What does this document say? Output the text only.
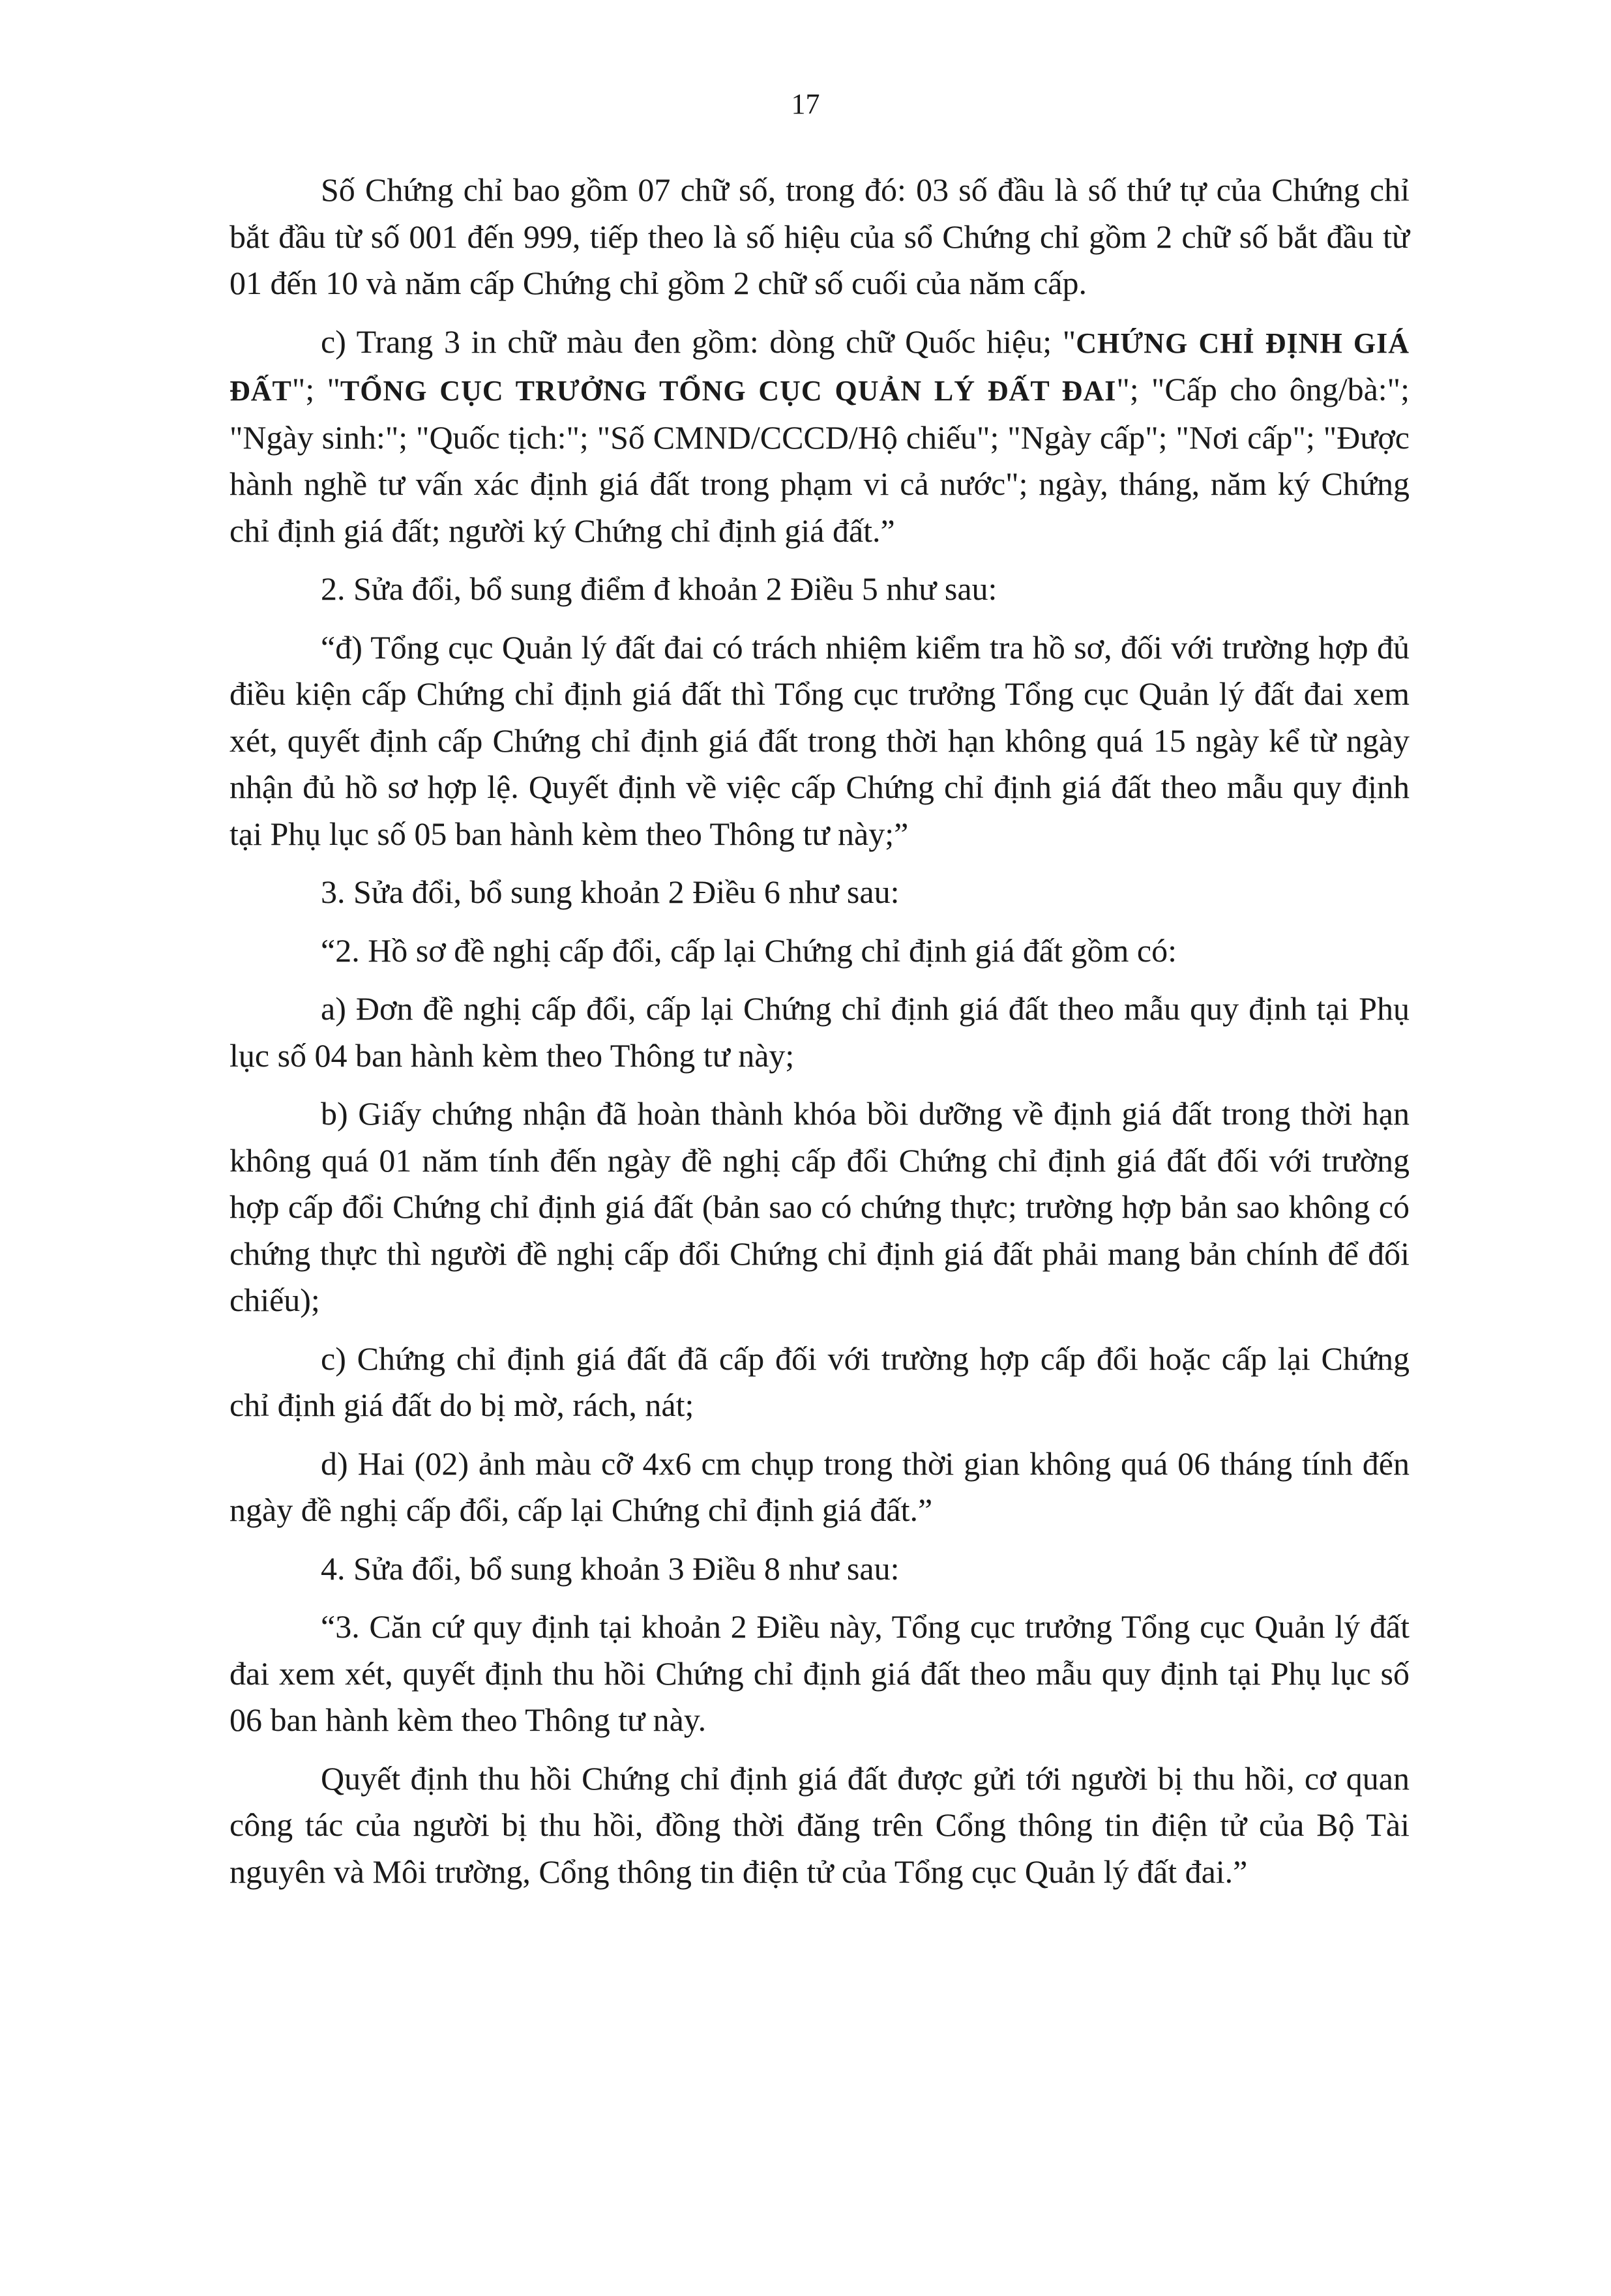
17

Số Chứng chỉ bao gồm 07 chữ số, trong đó: 03 số đầu là số thứ tự của Chứng chỉ bắt đầu từ số 001 đến 999, tiếp theo là số hiệu của sổ Chứng chỉ gồm 2 chữ số bắt đầu từ 01 đến 10 và năm cấp Chứng chỉ gồm 2 chữ số cuối của năm cấp.

c) Trang 3 in chữ màu đen gồm: dòng chữ Quốc hiệu; "CHỨNG CHỈ ĐỊNH GIÁ ĐẤT"; "TỔNG CỤC TRƯỞNG TỔNG CỤC QUẢN LÝ ĐẤT ĐAI"; "Cấp cho ông/bà:"; "Ngày sinh:"; "Quốc tịch:"; "Số CMND/CCCD/Hộ chiếu"; "Ngày cấp"; "Nơi cấp"; "Được hành nghề tư vấn xác định giá đất trong phạm vi cả nước"; ngày, tháng, năm ký Chứng chỉ định giá đất; người ký Chứng chỉ định giá đất.”

2. Sửa đổi, bổ sung điểm đ khoản 2 Điều 5 như sau:

“đ) Tổng cục Quản lý đất đai có trách nhiệm kiểm tra hồ sơ, đối với trường hợp đủ điều kiện cấp Chứng chỉ định giá đất thì Tổng cục trưởng Tổng cục Quản lý đất đai xem xét, quyết định cấp Chứng chỉ định giá đất trong thời hạn không quá 15 ngày kể từ ngày nhận đủ hồ sơ hợp lệ. Quyết định về việc cấp Chứng chỉ định giá đất theo mẫu quy định tại Phụ lục số 05 ban hành kèm theo Thông tư này;”

3. Sửa đổi, bổ sung khoản 2 Điều 6 như sau:

“2. Hồ sơ đề nghị cấp đổi, cấp lại Chứng chỉ định giá đất gồm có:

a) Đơn đề nghị cấp đổi, cấp lại Chứng chỉ định giá đất theo mẫu quy định tại Phụ lục số 04 ban hành kèm theo Thông tư này;

b) Giấy chứng nhận đã hoàn thành khóa bồi dưỡng về định giá đất trong thời hạn không quá 01 năm tính đến ngày đề nghị cấp đổi Chứng chỉ định giá đất đối với trường hợp cấp đổi Chứng chỉ định giá đất (bản sao có chứng thực; trường hợp bản sao không có chứng thực thì người đề nghị cấp đổi Chứng chỉ định giá đất phải mang bản chính để đối chiếu);

c) Chứng chỉ định giá đất đã cấp đối với trường hợp cấp đổi hoặc cấp lại Chứng chỉ định giá đất do bị mờ, rách, nát;

d) Hai (02) ảnh màu cỡ 4x6 cm chụp trong thời gian không quá 06 tháng tính đến ngày đề nghị cấp đổi, cấp lại Chứng chỉ định giá đất.”

4. Sửa đổi, bổ sung khoản 3 Điều 8 như sau:

“3. Căn cứ quy định tại khoản 2 Điều này, Tổng cục trưởng Tổng cục Quản lý đất đai xem xét, quyết định thu hồi Chứng chỉ định giá đất theo mẫu quy định tại Phụ lục số 06 ban hành kèm theo Thông tư này.

Quyết định thu hồi Chứng chỉ định giá đất được gửi tới người bị thu hồi, cơ quan công tác của người bị thu hồi, đồng thời đăng trên Cổng thông tin điện tử của Bộ Tài nguyên và Môi trường, Cổng thông tin điện tử của Tổng cục Quản lý đất đai.”
